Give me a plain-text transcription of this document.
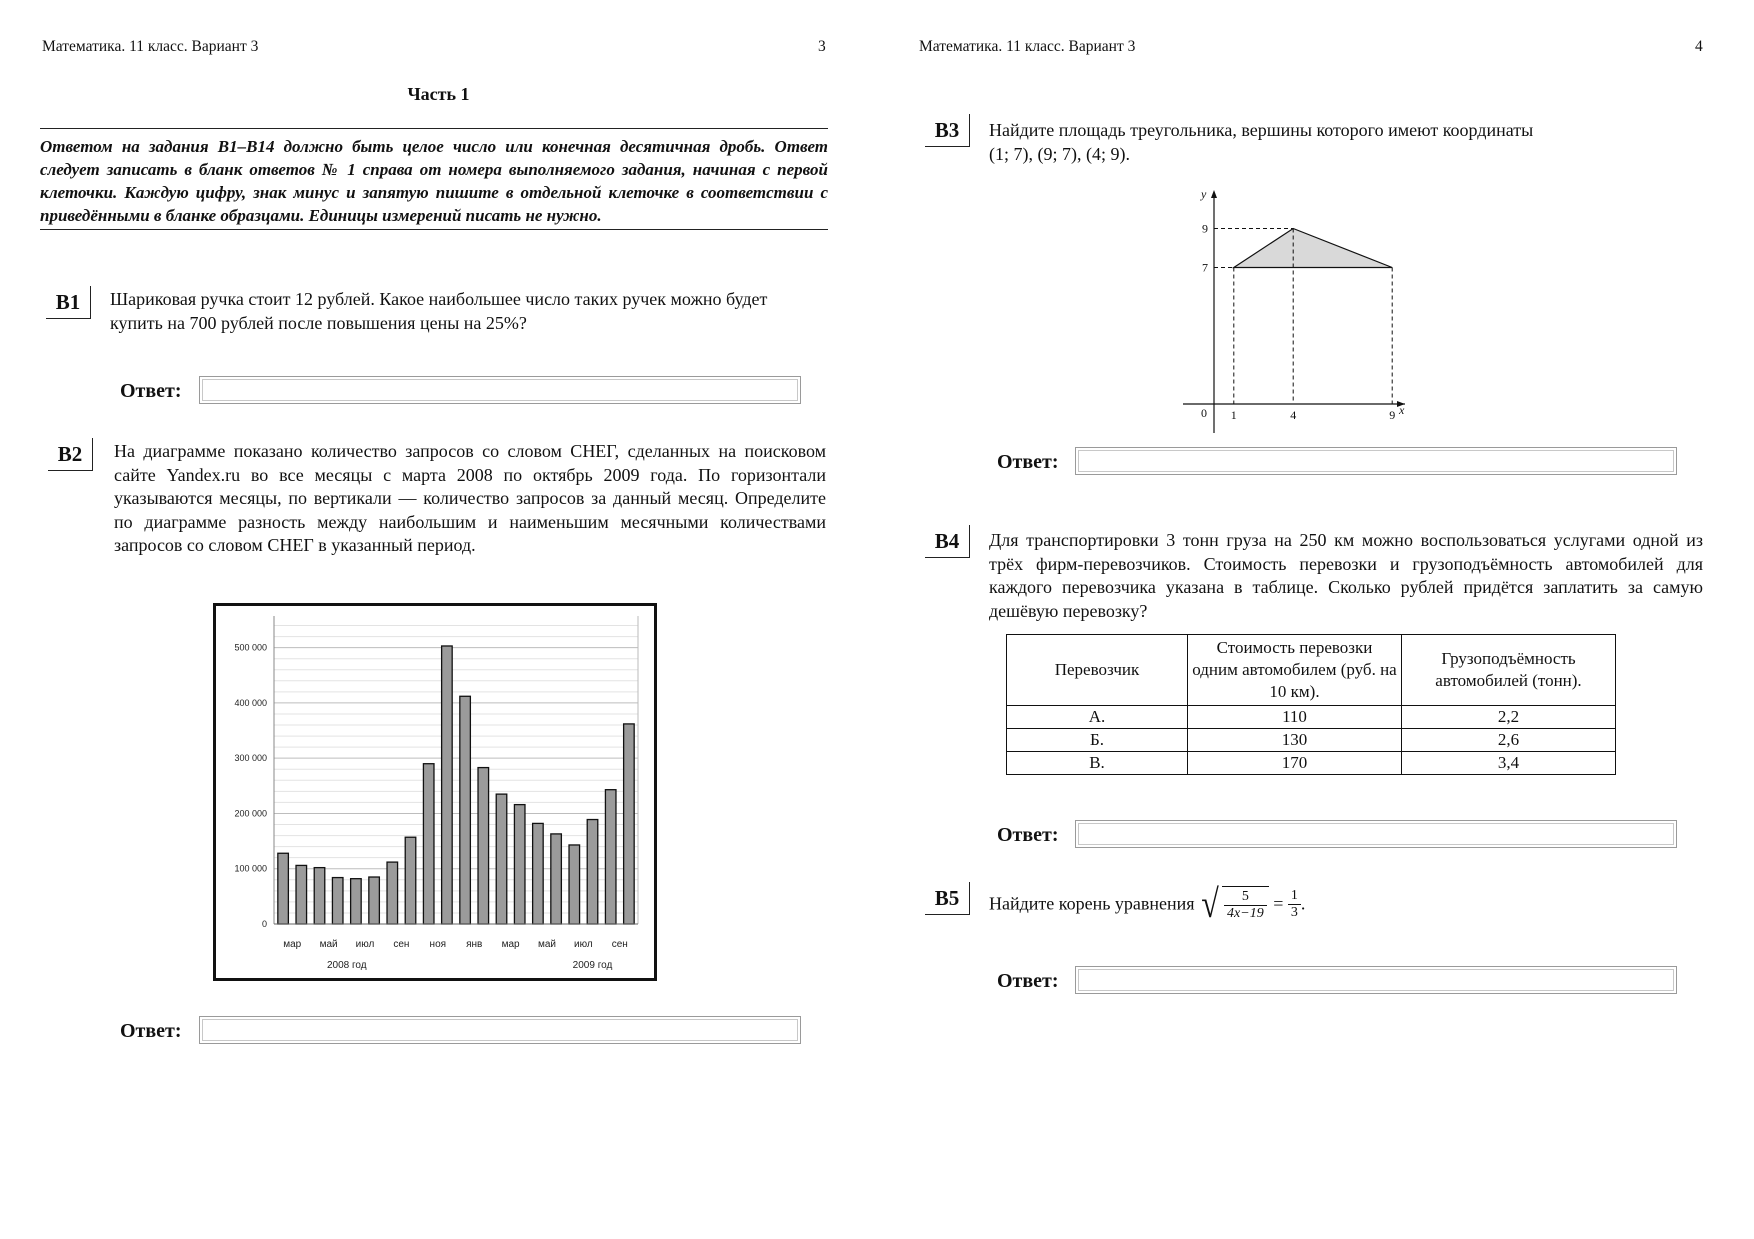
Математика. 11 класс. Вариант 3	3
Часть 1
Ответом на задания B1–B14 должно быть целое число или конечная десятичная дробь. Ответ следует записать в бланк ответов № 1 справа от номера выполняемого задания, начиная с первой клеточки. Каждую цифру, знак минус и запятую пишите в отдельной клеточке в соответствии с приведёнными в бланке образцами. Единицы измерений писать не нужно.
B1	Шариковая ручка стоит 12 рублей. Какое наибольшее число таких ручек можно будет купить на 700 рублей после повышения цены на 25%?
Ответ:
B2	На диаграмме показано количество запросов со словом СНЕГ, сделанных на поисковом сайте Yandex.ru во все месяцы с марта 2008 по октябрь 2009 года. По горизонтали указываются месяцы, по вертикали — количество запросов за данный месяц. Определите по диаграмме разность между наибольшим и наименьшим месячными количествами запросов со словом СНЕГ в указанный период.
0
100 000
200 000
300 000
400 000
500 000
мар май июл сен ноя янв мар май июл сен
2008 год	2009 год
Ответ:
Математика. 11 класс. Вариант 3	4
B3	Найдите площадь треугольника, вершины которого имеют координаты (1; 7), (9; 7), (4; 9).
0 1	4	9
7
9
x
y
Ответ:
B4	Для транспортировки 3 тонн груза на 250 км можно воспользоваться услугами одной из трёх фирм-перевозчиков. Стоимость перевозки и грузоподъёмность автомобилей для каждого перевозчика указана в таблице. Сколько рублей придётся заплатить за самую дешёвую перевозку?
Перевозчик	Стоимость перевозки одним автомобилем (руб. на 10 км).	Грузоподъёмность автомобилей (тонн).
А.	110	2,2
Б.	130	2,6
В.	170	3,4
Ответ:
B5	Найдите корень уравнения √ $\frac{5}{4x-19} = \frac{1}{3}$ .
Ответ:
